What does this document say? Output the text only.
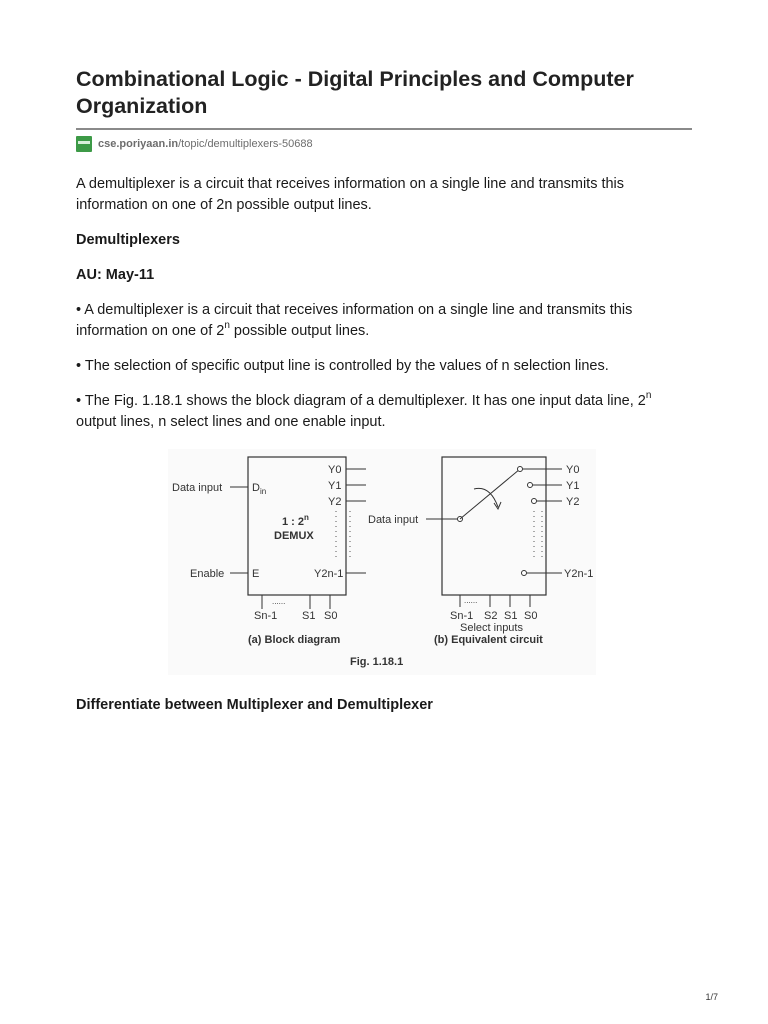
Combinational Logic - Digital Principles and Computer Organization
cse.poriyaan.in/topic/demultiplexers-50688

A demultiplexer is a circuit that receives information on a single line and transmits this information on one of 2n possible output lines.

Demultiplexers

AU: May-11

• A demultiplexer is a circuit that receives information on a single line and transmits this information on one of 2$^n$ possible output lines.

• The selection of specific output line is controlled by the values of n selection lines.

• The Fig. 1.18.1 shows the block diagram of a demultiplexer. It has one input data line, 2$^n$ output lines, n select lines and one enable input.

Data input
Enable
$D_{in}$
E
1 : 2$^n$
DEMUX
Y0
Y1
Y2
Y2n-1
......
Sn-1 S1 S0
(a) Block diagram
Data input
Y0
Y1
Y2
Y2n-1
......
Sn-1 S2 S1 S0
Select inputs
(b) Equivalent circuit
Fig. 1.18.1

Differentiate between Multiplexer and Demultiplexer

1/7
